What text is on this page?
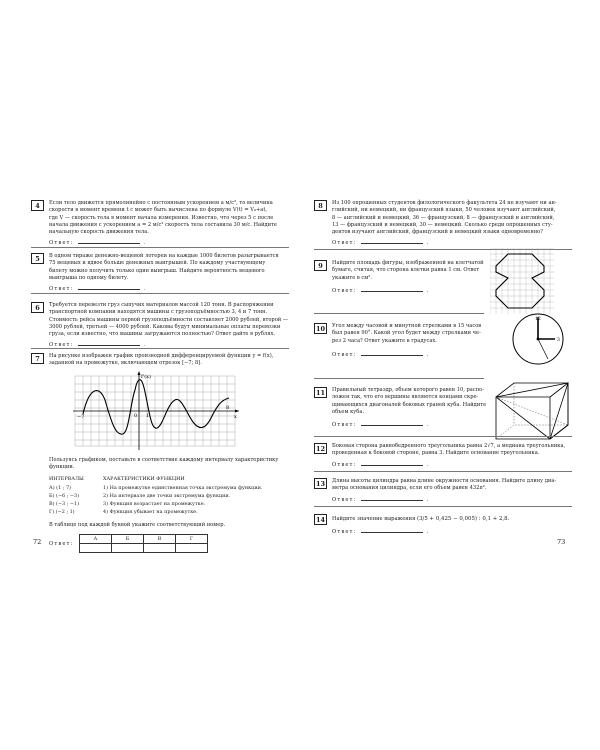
4	Если тело движется прямолинейно с постоянным ускорением a м/с², то величина
скорости в момент времени t с может быть вычислена по формуле V(t) = V₀+at,
где V — скорость тела в момент начала измерения. Известно, что через 5 с после
начала движения с ускорением a = 2 м/с² скорость тела составила 30 м/с. Найдите
начальную скорость движения тела.
Ответ:	.
5	В одном тираже денежно-вещевой лотереи на каждые 1000 билетов разыгрывается
75 вещевых и вдвое больше денежных выигрышей. По каждому участвующему
билету можно получить только один выигрыш. Найдите вероятность вещевого
выигрыша по одному билету.
Ответ:	.
6	Требуется перевезти груз сыпучих материалов массой 120 тонн. В распоряжении
транспортной компании находятся машины с грузоподъёмностью 3, 4 и 7 тонн.
Стоимость рейса машины первой грузоподъёмности составляет 2000 рублей, второй —
3000 рублей, третьей — 4000 рублей. Каковы будут минимальные оплаты перевозки
груза, если известно, что машины загружаются полностью? Ответ дайте в рублях.
Ответ:	.
7	На рисунке изображен график производной дифференцируемой функции y = f(x),
заданной на промежутке, включающем отрезок [−7; 8].
f'(x)
x
−7
8
0 1
Пользуясь графиком, поставьте в соответствие каждому интервалу характеристику
функции.
ИНТЕРВАЛЫ	ХАРАКТЕРИСТИКИ ФУНКЦИИ
А) (1 ; 7)
Б) (−6 ; −3)
В) (−3 ; −1)
Г) (−2 ; 1)
1) На промежутке единственная точка экстремума функции.
2) На интервале две точки экстремума функции.
3) Функция возрастает на промежутке.
4) Функция убывает на промежутке.
В таблице под каждой буквой укажите соответствующий номер.
Ответ: А	Б	В	Г

72
8	Из 100 опрошенных студентов филологического факультета 24 не изучают ни ан-
глийский, ни немецкий, ни французский языки, 50 человек изучают английский,
8 — английский и немецкий, 36 — французский, 8 — французский и английский,
13 — французский и немецкий, 30 — немецкий. Сколько среди опрошенных сту-
дентов изучают английский, французский и немецкий языки одновременно?
Ответ:	.
9	Найдите площадь фигуры, изображенной на клетчатой
бумаге, считая, что сторона клетки равна 1 см. Ответ
укажите в см².
Ответ:	.
10	Угол между часовой и минутной стрелками в 15 часов
был равен 90°. Какой угол будет между стрелками че-
рез 2 часа? Ответ укажите в градусах.
Ответ:	.
12
3
11	Правильный тетраэдр, объем которого равен 10, распо-
ложен так, что его вершины являются концами скре-
щивающихся диагоналей боковых граней куба. Найдите
объем куба.
Ответ:	.
12	Боковая сторона равнобедренного треугольника равна 2√7, а медиана треугольника,
проведенная к боковой стороне, равна 3. Найдите основание треугольника.
Ответ:	.
13	Длина высоты цилиндра равна длине окружности основания. Найдите длину диа-
метра основания цилиндра, если его объем равен 432π².
Ответ:	.
14	Найдите значение выражения (3/5 + 0,425 − 0,005) : 0,1 + 2,8.
Ответ:	.
73
